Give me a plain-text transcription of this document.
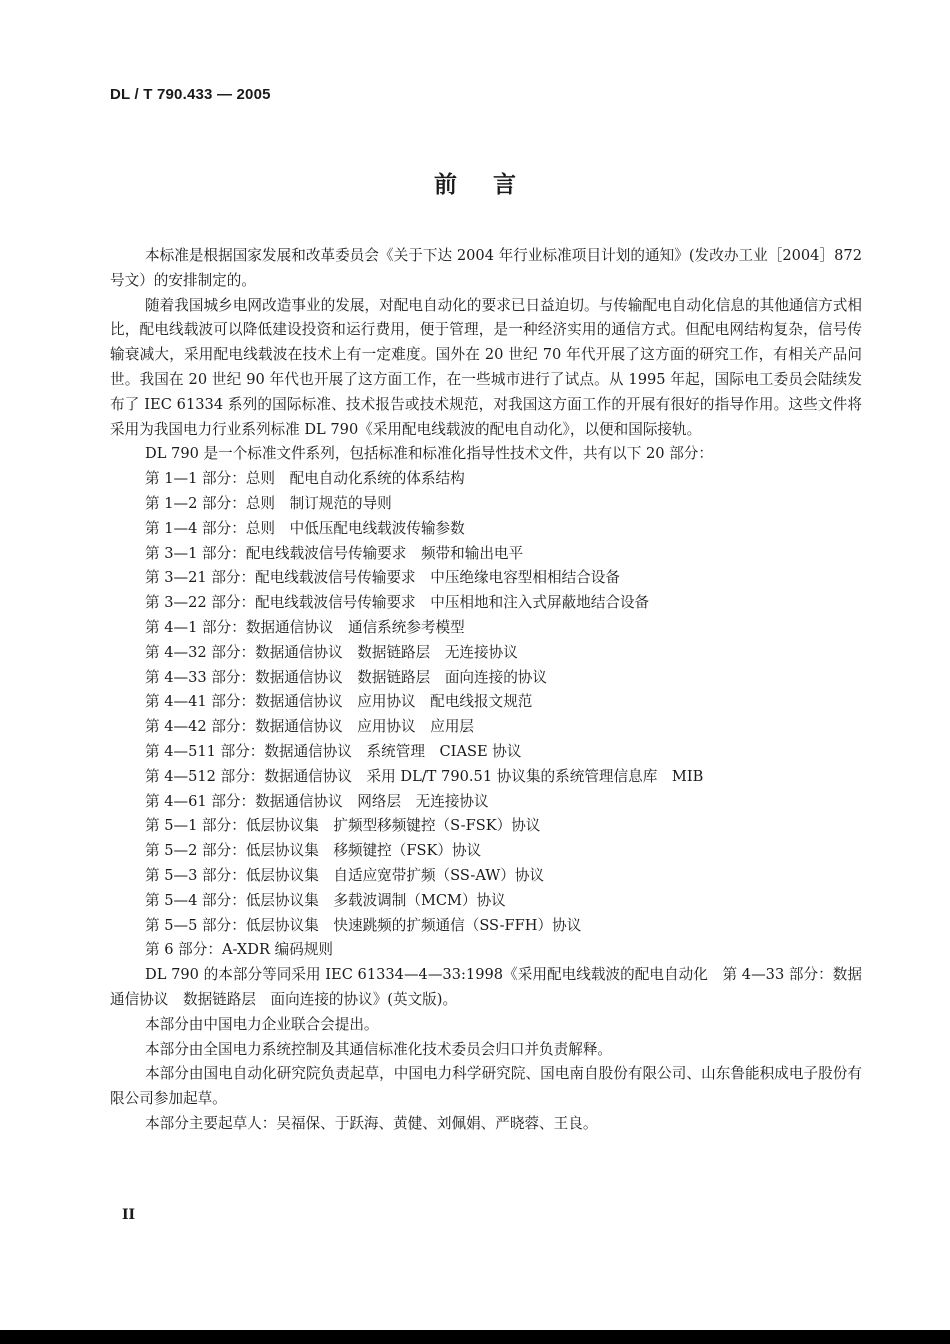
DL / T 790.433 — 2005
前言

本标准是根据国家发展和改革委员会《关于下达 2004 年行业标准项目计划的通知》(发改办工业［2004］872 号文）的安排制定的。

随着我国城乡电网改造事业的发展，对配电自动化的要求已日益迫切。与传输配电自动化信息的其他通信方式相比，配电线载波可以降低建设投资和运行费用，便于管理，是一种经济实用的通信方式。但配电网结构复杂，信号传输衰减大，采用配电线载波在技术上有一定难度。国外在 20 世纪 70 年代开展了这方面的研究工作，有相关产品问世。我国在 20 世纪 90 年代也开展了这方面工作，在一些城市进行了试点。从 1995 年起，国际电工委员会陆续发布了 IEC 61334 系列的国际标准、技术报告或技术规范，对我国这方面工作的开展有很好的指导作用。这些文件将采用为我国电力行业系列标准 DL 790《采用配电线载波的配电自动化》，以便和国际接轨。

DL 790 是一个标准文件系列，包括标准和标准化指导性技术文件，共有以下 20 部分：

第 1—1 部分：总则　配电自动化系统的体系结构
第 1—2 部分：总则　制订规范的导则
第 1—4 部分：总则　中低压配电线载波传输参数
第 3—1 部分：配电线载波信号传输要求　频带和输出电平
第 3—21 部分：配电线载波信号传输要求　中压绝缘电容型相相结合设备
第 3—22 部分：配电线载波信号传输要求　中压相地和注入式屏蔽地结合设备
第 4—1 部分：数据通信协议　通信系统参考模型
第 4—32 部分：数据通信协议　数据链路层　无连接协议
第 4—33 部分：数据通信协议　数据链路层　面向连接的协议
第 4—41 部分：数据通信协议　应用协议　配电线报文规范
第 4—42 部分：数据通信协议　应用协议　应用层
第 4—511 部分：数据通信协议　系统管理　CIASE 协议
第 4—512 部分：数据通信协议　采用 DL/T 790.51 协议集的系统管理信息库　MIB
第 4—61 部分：数据通信协议　网络层　无连接协议
第 5—1 部分：低层协议集　扩频型移频键控（S-FSK）协议
第 5—2 部分：低层协议集　移频键控（FSK）协议
第 5—3 部分：低层协议集　自适应宽带扩频（SS-AW）协议
第 5—4 部分：低层协议集　多载波调制（MCM）协议
第 5—5 部分：低层协议集　快速跳频的扩频通信（SS-FFH）协议
第 6 部分：A-XDR 编码规则

DL 790 的本部分等同采用 IEC 61334—4—33:1998《采用配电线载波的配电自动化　第 4—33 部分：数据通信协议　数据链路层　面向连接的协议》(英文版)。

本部分由中国电力企业联合会提出。

本部分由全国电力系统控制及其通信标准化技术委员会归口并负责解释。

本部分由国电自动化研究院负责起草，中国电力科学研究院、国电南自股份有限公司、山东鲁能积成电子股份有限公司参加起草。

本部分主要起草人：吴福保、于跃海、黄健、刘佩娟、严晓蓉、王良。

II
